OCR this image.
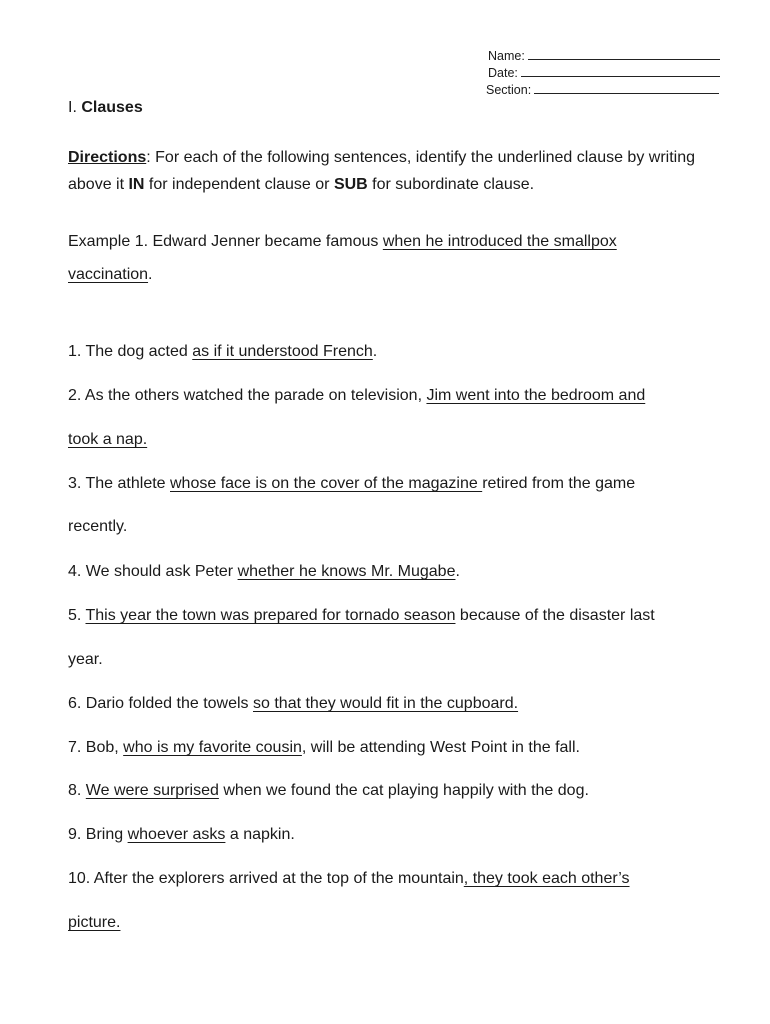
Name:
Date:
Section:
I. Clauses
Directions: For each of the following sentences, identify the underlined clause by writing above it IN for independent clause or SUB for subordinate clause.
Example 1. Edward Jenner became famous when he introduced the smallpox
vaccination.
1. The dog acted as if it understood French.
2. As the others watched the parade on television, Jim went into the bedroom and
took a nap.
3. The athlete whose face is on the cover of the magazine retired from the game
recently.
4. We should ask Peter whether he knows Mr. Mugabe.
5. This year the town was prepared for tornado season because of the disaster last
year.
6. Dario folded the towels so that they would fit in the cupboard.
7. Bob, who is my favorite cousin, will be attending West Point in the fall.
8. We were surprised when we found the cat playing happily with the dog.
9. Bring whoever asks a napkin.
10. After the explorers arrived at the top of the mountain, they took each other’s
picture.
